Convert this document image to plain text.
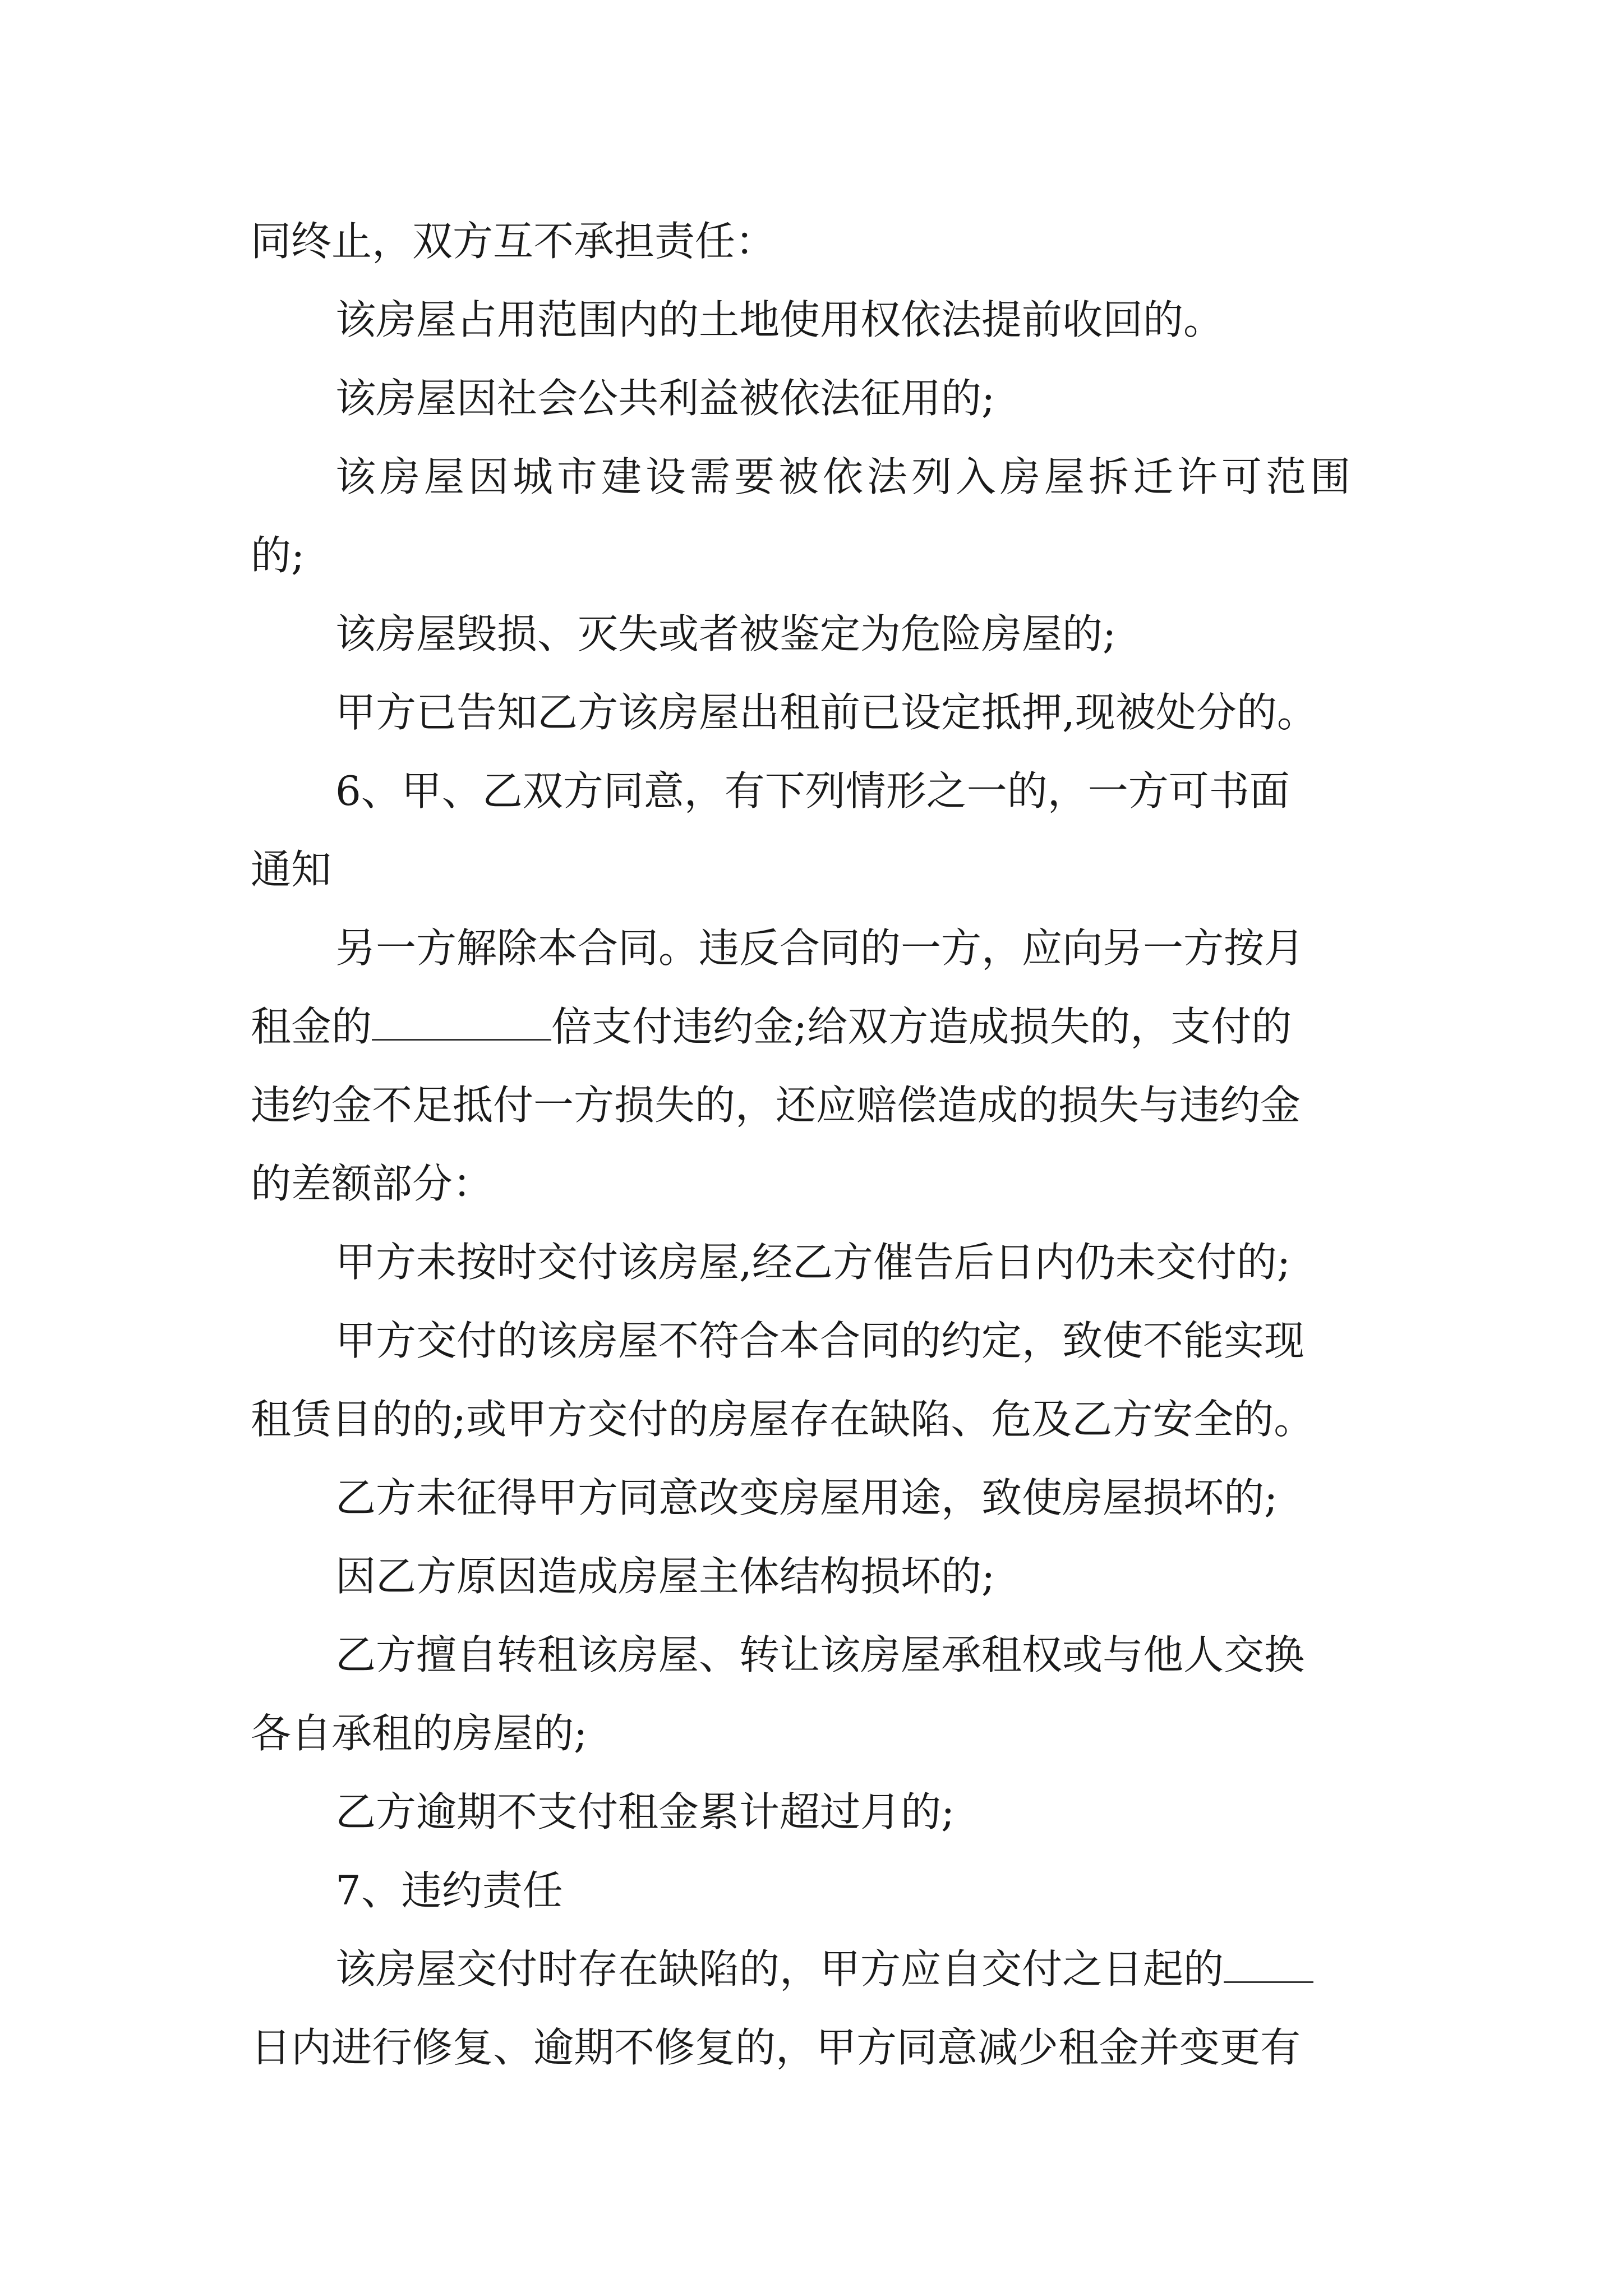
同终止，双方互不承担责任：
该房屋占用范围内的土地使用权依法提前收回的。
该房屋因社会公共利益被依法征用的;
该房屋因城市建设需要被依法列入房屋拆迁许可范围
的;
该房屋毁损、灭失或者被鉴定为危险房屋的;
甲方已告知乙方该房屋出租前已设定抵押,现被处分的。
6、甲、乙双方同意，有下列情形之一的，一方可书面
通知
另一方解除本合同。违反合同的一方，应向另一方按月
租金的	倍支付违约金;给双方造成损失的，支付的
违约金不足抵付一方损失的，还应赔偿造成的损失与违约金
的差额部分：
甲方未按时交付该房屋,经乙方催告后日内仍未交付的;
甲方交付的该房屋不符合本合同的约定，致使不能实现
租赁目的的;或甲方交付的房屋存在缺陷、危及乙方安全的。
乙方未征得甲方同意改变房屋用途，致使房屋损坏的;
因乙方原因造成房屋主体结构损坏的;
乙方擅自转租该房屋、转让该房屋承租权或与他人交换
各自承租的房屋的;
乙方逾期不支付租金累计超过月的;
7、违约责任
该房屋交付时存在缺陷的，甲方应自交付之日起的
日内进行修复、逾期不修复的，甲方同意减少租金并变更有
